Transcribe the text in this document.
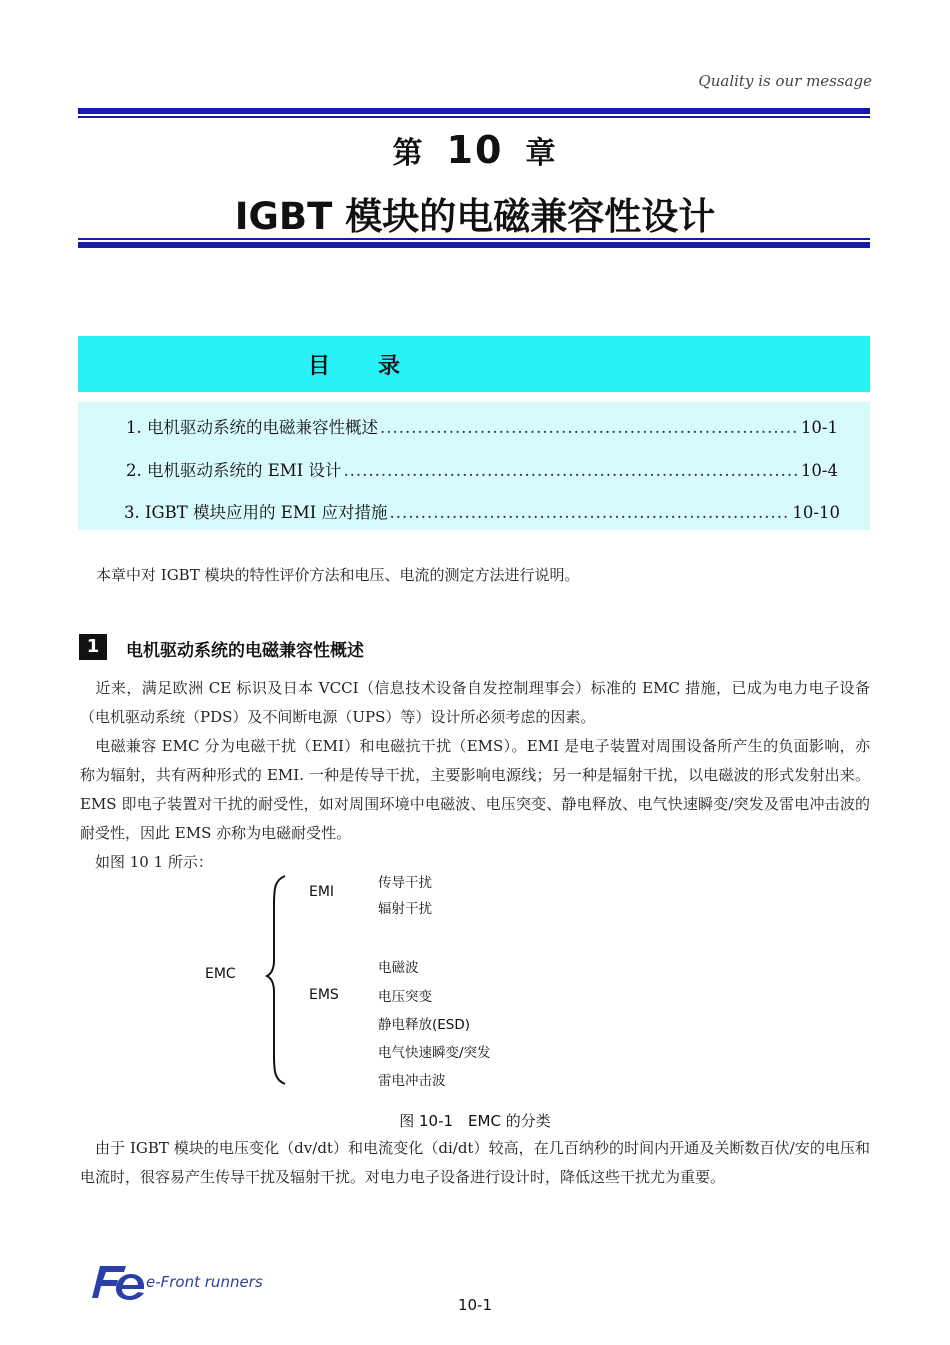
Quality is our message
第 10 章
IGBT 模块的电磁兼容性设计
目录
1. 电机驱动系统的电磁兼容性概述 .....	10-1
2. 电机驱动系统的 EMI 设计 .....	10-4
3. IGBT 模块应用的 EMI 应对措施 .....	10-10
本章中对 IGBT 模块的特性评价方法和电压、电流的测定方法进行说明。
1	电机驱动系统的电磁兼容性概述
　近来，满足欧洲 CE 标识及日本 VCCI（信息技术设备自发控制理事会）标准的 EMC 措施，已成为电力电子设备（电机驱动系统（PDS）及不间断电源（UPS）等）设计所必须考虑的因素。
　电磁兼容 EMC 分为电磁干扰（EMI）和电磁抗干扰（EMS）。EMI 是电子装置对周围设备所产生的负面影响，亦称为辐射，共有两种形式的 EMI. 一种是传导干扰，主要影响电源线；另一种是辐射干扰，以电磁波的形式发射出来。EMS 即电子装置对干扰的耐受性，如对周围环境中电磁波、电压突变、静电释放、电气快速瞬变/突发及雷电冲击波的耐受性，因此 EMS 亦称为电磁耐受性。
　如图 10 1 所示：
EMC
EMI
EMS
传导干扰
辐射干扰
电磁波
电压突变
静电释放(ESD)
电气快速瞬变/突发
雷电冲击波
图 10-1　EMC 的分类
　由于 IGBT 模块的电压变化（dv/dt）和电流变化（di/dt）较高，在几百纳秒的时间内开通及关断数百伏/安的电压和电流时，很容易产生传导干扰及辐射干扰。对电力电子设备进行设计时，降低这些干扰尤为重要。
e-Front runners
10-1
